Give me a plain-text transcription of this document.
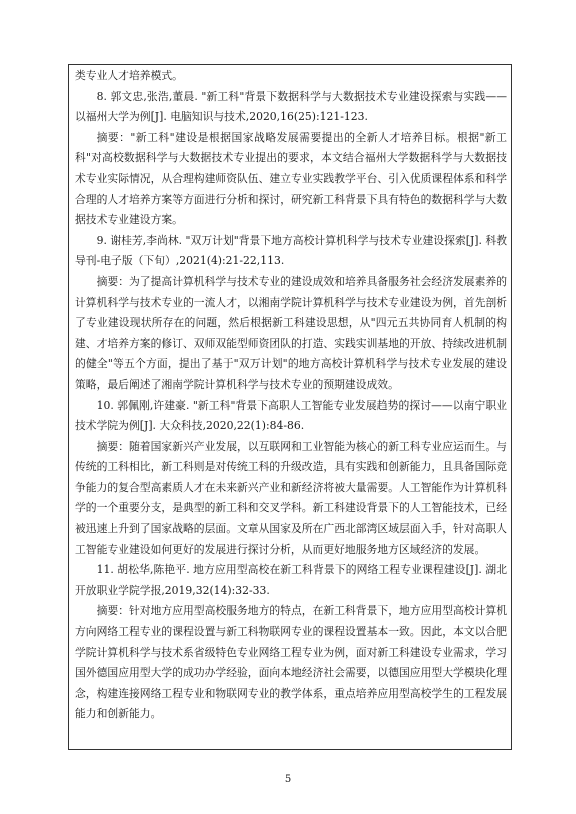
类专业人才培养模式。

8. 郭文忠,张浩,董晨. "新工科"背景下数据科学与大数据技术专业建设探索与实践——以福州大学为例[J]. 电脑知识与技术,2020,16(25):121-123.

摘要："新工科"建设是根据国家战略发展需要提出的全新人才培养目标。根据"新工科"对高校数据科学与大数据技术专业提出的要求，本文结合福州大学数据科学与大数据技术专业实际情况，从合理构建师资队伍、建立专业实践教学平台、引入优质课程体系和科学合理的人才培养方案等方面进行分析和探讨，研究新工科背景下具有特色的数据科学与大数据技术专业建设方案。

9. 谢桂芳,李尚林. "双万计划"背景下地方高校计算机科学与技术专业建设探索[J]. 科教导刊-电子版（下旬）,2021(4):21-22,113.

摘要：为了提高计算机科学与技术专业的建设成效和培养具备服务社会经济发展素养的计算机科学与技术专业的一流人才，以湘南学院计算机科学与技术专业建设为例，首先剖析了专业建设现状所存在的问题，然后根据新工科建设思想，从"四元五共协同育人机制的构建、才培养方案的修订、双师双能型师资团队的打造、实践实训基地的开放、持续改进机制的健全"等五个方面，提出了基于"双万计划"的地方高校计算机科学与技术专业发展的建设策略，最后阐述了湘南学院计算机科学与技术专业的预期建设成效。

10. 郭佩刚,许建豪. "新工科"背景下高职人工智能专业发展趋势的探讨——以南宁职业技术学院为例[J]. 大众科技,2020,22(1):84-86.

摘要：随着国家新兴产业发展，以互联网和工业智能为核心的新工科专业应运而生。与传统的工科相比，新工科则是对传统工科的升级改造，具有实践和创新能力，且具备国际竞争能力的复合型高素质人才在未来新兴产业和新经济将被大量需要。人工智能作为计算机科学的一个重要分支，是典型的新工科和交叉学科。新工科建设背景下的人工智能技术，已经被迅速上升到了国家战略的层面。文章从国家及所在广西北部湾区域层面入手，针对高职人工智能专业建设如何更好的发展进行探讨分析，从而更好地服务地方区域经济的发展。

11. 胡松华,陈艳平. 地方应用型高校在新工科背景下的网络工程专业课程建设[J]. 湖北开放职业学院学报,2019,32(14):32-33.

摘要：针对地方应用型高校服务地方的特点，在新工科背景下，地方应用型高校计算机方向网络工程专业的课程设置与新工科物联网专业的课程设置基本一致。因此，本文以合肥学院计算机科学与技术系省级特色专业网络工程专业为例，面对新工科建设专业需求，学习国外德国应用型大学的成功办学经验，面向本地经济社会需要，以德国应用型大学模块化理念，构建连接网络工程专业和物联网专业的教学体系，重点培养应用型高校学生的工程发展能力和创新能力。

5
